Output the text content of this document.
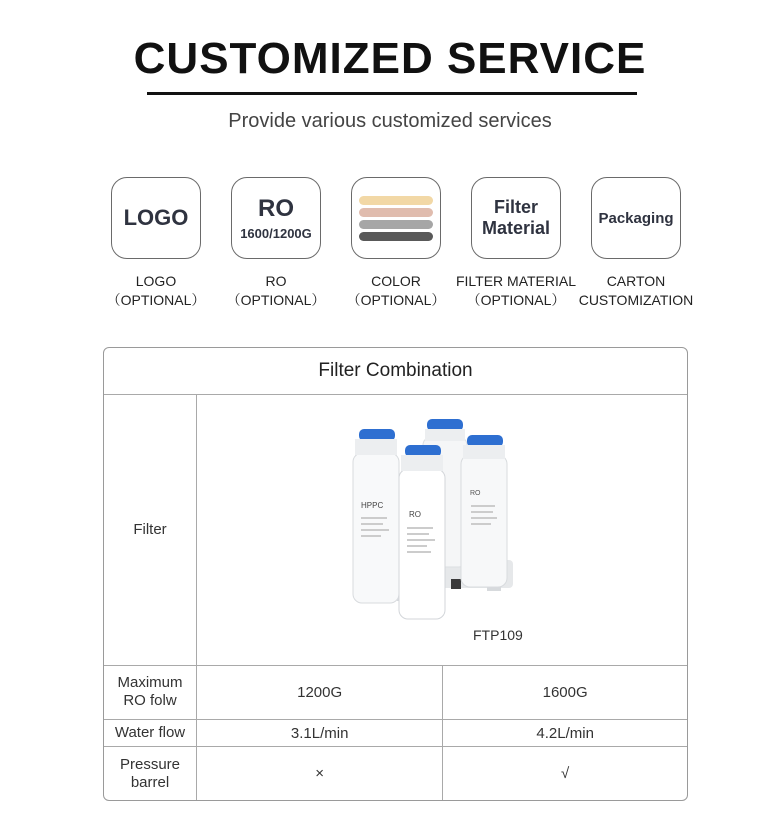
CUSTOMIZED SERVICE
Provide various customized services
LOGO
LOGO
（OPTIONAL）
RO
1600/1200G
RO
（OPTIONAL）
COLOR
（OPTIONAL）
Filter
Material
FILTER MATERIAL
（OPTIONAL）
Packaging
CARTON
CUSTOMIZATION
Filter Combination		
Filter	RO
HPPC
RO
FTP109	

Maximum
RO folw	1200G	1600G
Water flow	3.1L/min	4.2L/min

Pressure
barrel	×	√
